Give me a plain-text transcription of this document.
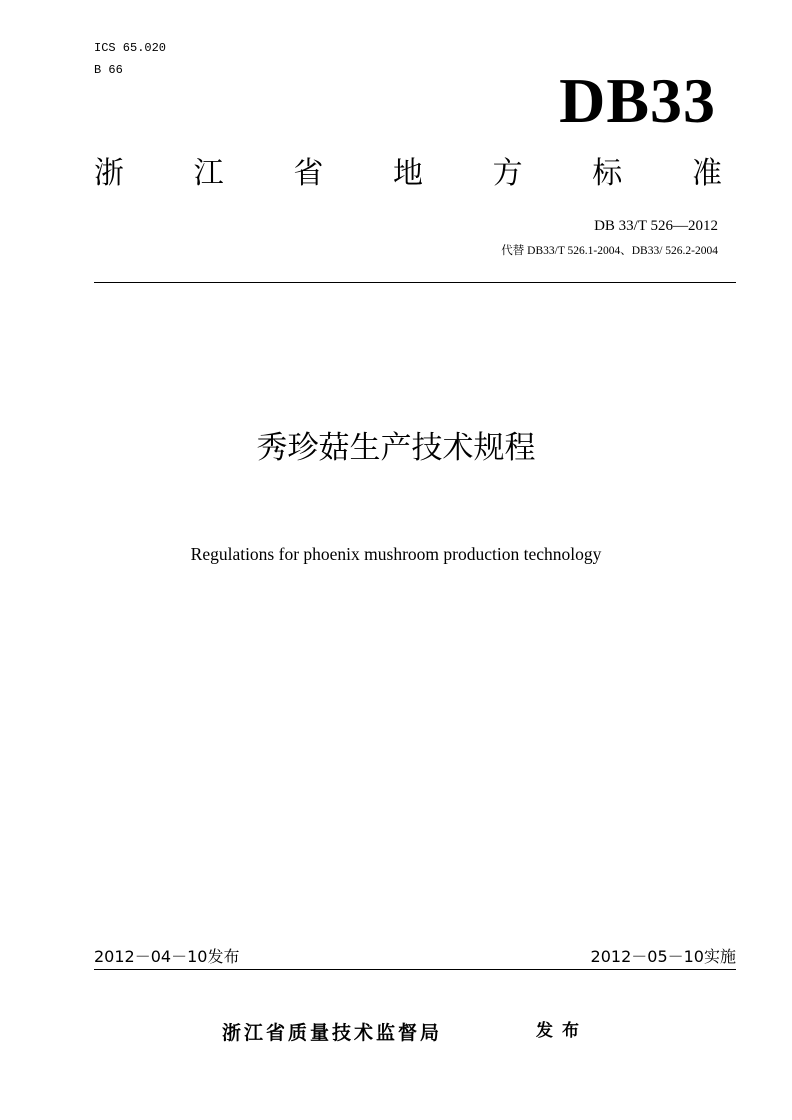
ICS 65.020
B 66	DB33
浙 江 省 地 方 标 准
DB 33/T 526—2012
代替 DB33/T 526.1-2004、DB33/ 526.2-2004
秀珍菇生产技术规程
Regulations for phoenix mushroom production technology
2012－04－10发布	2012－05－10实施
浙江省质量技术监督局	发布
